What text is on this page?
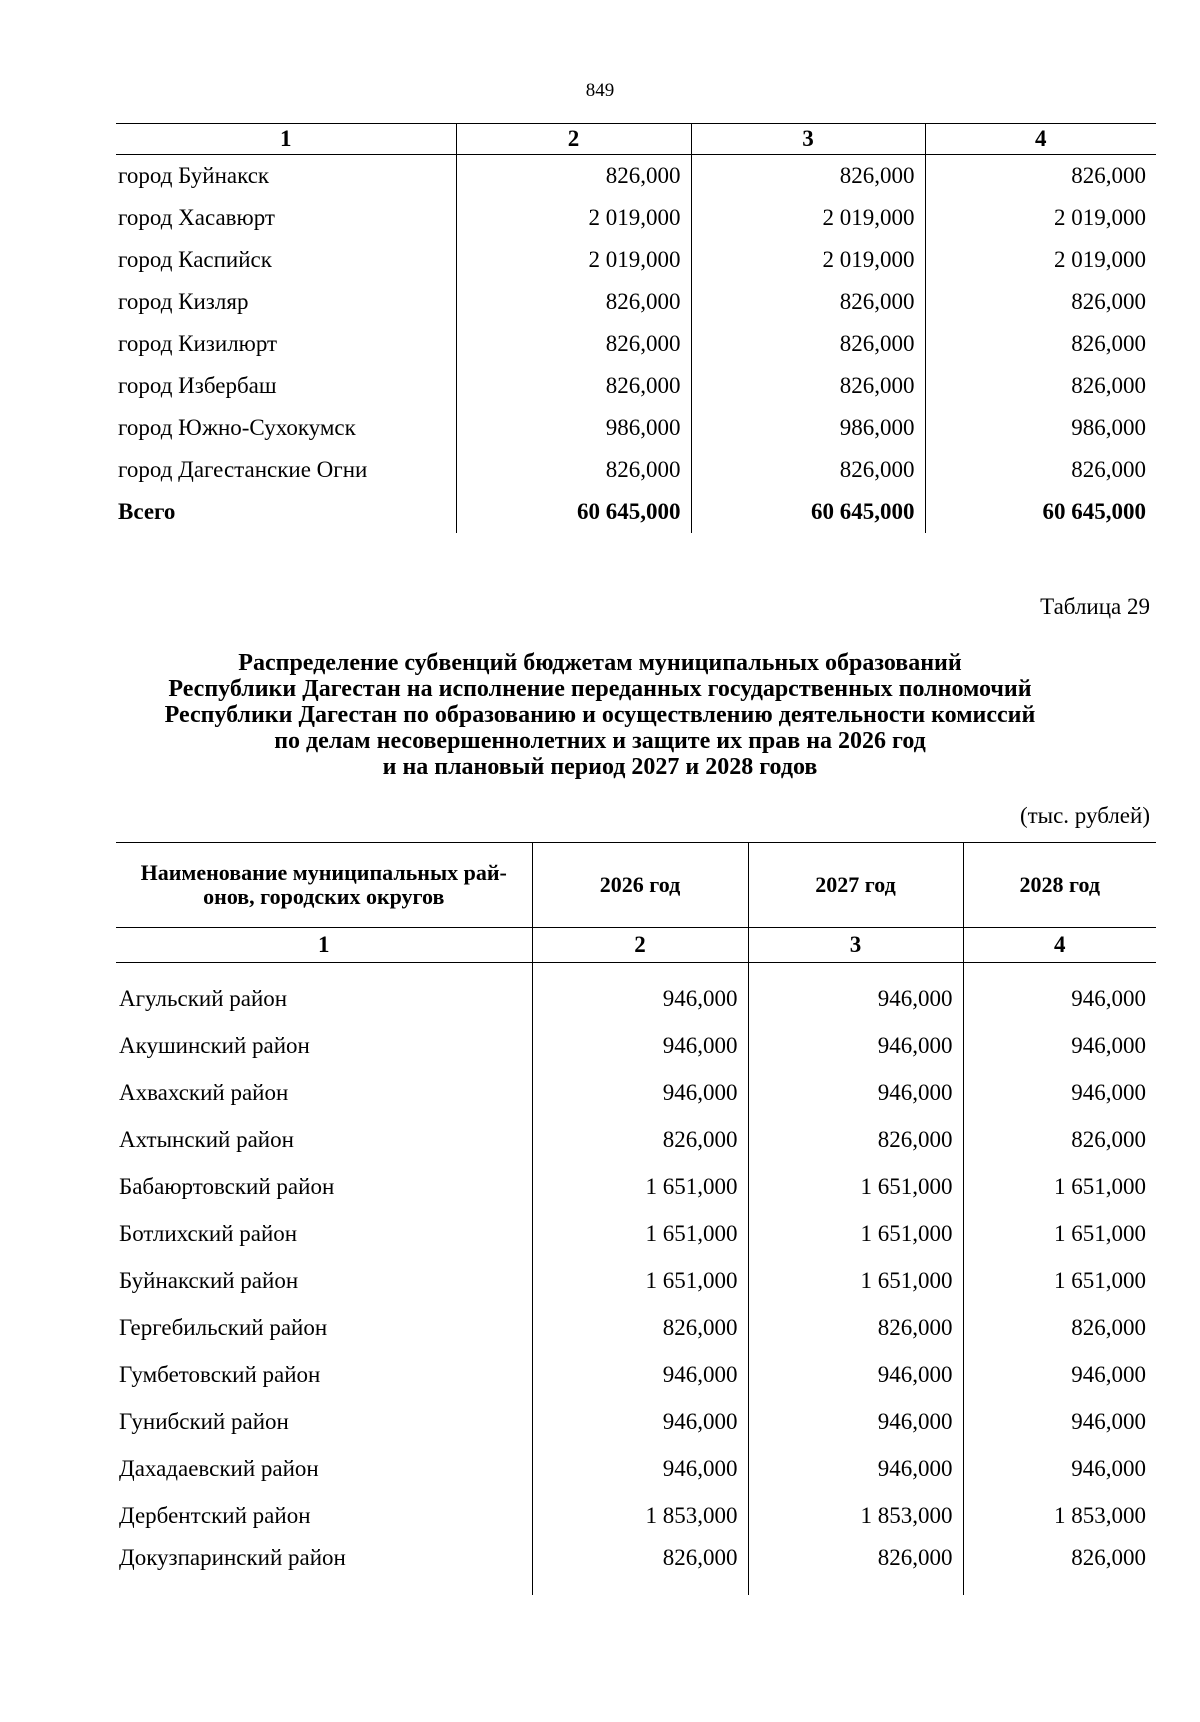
849
1	2	3	4
город Буйнакск	826,000	826,000	826,000
город Хасавюрт	2 019,000	2 019,000	2 019,000
город Каспийск	2 019,000	2 019,000	2 019,000
город Кизляр	826,000	826,000	826,000
город Кизилюрт	826,000	826,000	826,000
город Избербаш	826,000	826,000	826,000
город Южно-Сухокумск	986,000	986,000	986,000
город Дагестанские Огни	826,000	826,000	826,000
Всего	60 645,000	60 645,000	60 645,000
Таблица 29
Распределение субвенций бюджетам муниципальных образований
Республики Дагестан на исполнение переданных государственных полномочий
Республики Дагестан по образованию и осуществлению деятельности комиссий
по делам несовершеннолетних и защите их прав на 2026 год
и на плановый период 2027 и 2028 годов
(тыс. рублей)
Наименование муниципальных рай-
онов, городских округов	2026 год	2027 год	2028 год
1	2	3	4
Агульский район	946,000	946,000	946,000
Акушинский район	946,000	946,000	946,000
Ахвахский район	946,000	946,000	946,000
Ахтынский район	826,000	826,000	826,000
Бабаюртовский район	1 651,000	1 651,000	1 651,000
Ботлихский район	1 651,000	1 651,000	1 651,000
Буйнакский район	1 651,000	1 651,000	1 651,000
Гергебильский район	826,000	826,000	826,000
Гумбетовский район	946,000	946,000	946,000
Гунибский район	946,000	946,000	946,000
Дахадаевский район	946,000	946,000	946,000
Дербентский район	1 853,000	1 853,000	1 853,000
Докузпаринский район	826,000	826,000	826,000
